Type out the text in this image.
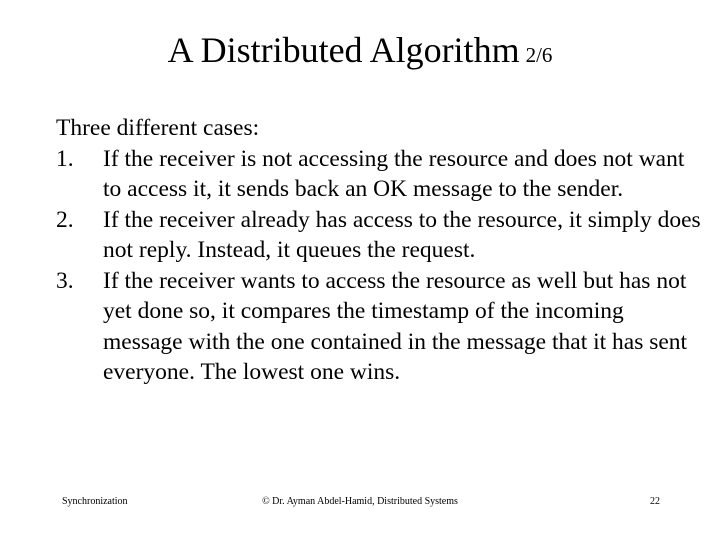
A Distributed Algorithm 2/6

Three different cases:

1.	If the receiver is not accessing the resource and does not want to access it, it sends back an OK message to the sender.
2.	If the receiver already has access to the resource, it simply does not reply. Instead, it queues the request.
3.	If the receiver wants to access the resource as well but has not yet done so, it compares the timestamp of the incoming message with the one contained in the message that it has sent everyone. The lowest one wins.
Synchronization	© Dr. Ayman Abdel-Hamid, Distributed Systems	22
